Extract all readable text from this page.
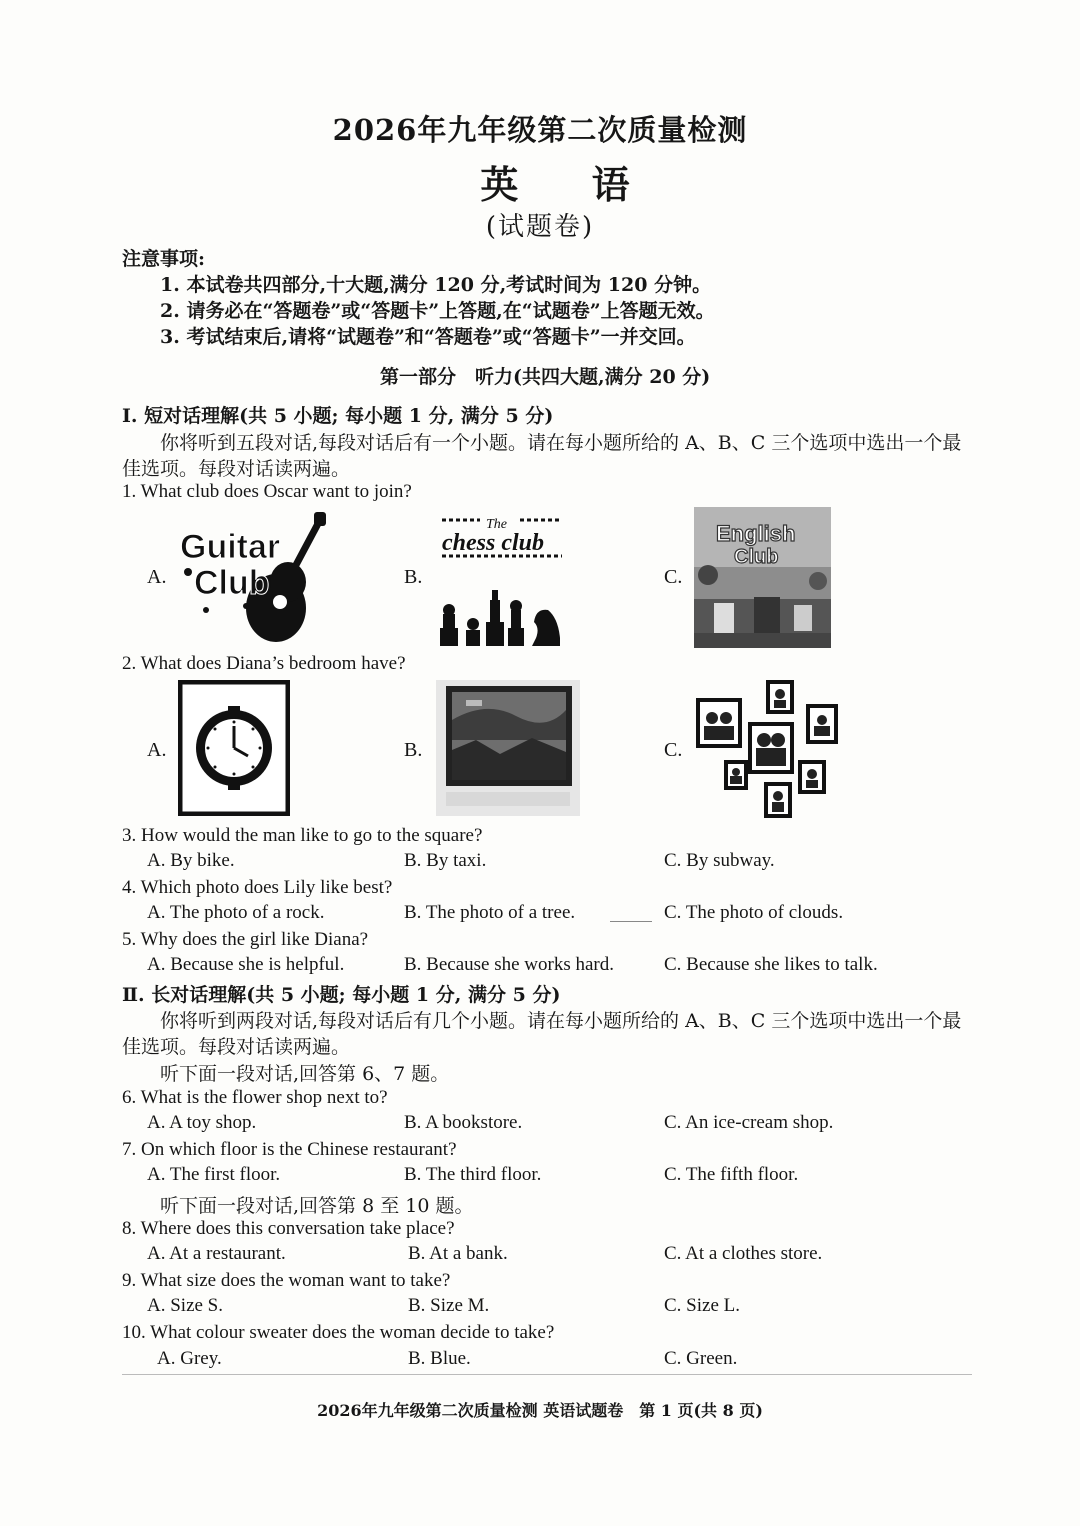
2026年九年级第二次质量检测
英 语
(试题卷)
注意事项:
1. 本试卷共四部分,十大题,满分 120 分,考试时间为 120 分钟。
2. 请务必在“答题卷”或“答题卡”上答题,在“试题卷”上答题无效。
3. 考试结束后,请将“试题卷”和“答题卷”或“答题卡”一并交回。
第一部分　听力(共四大题,满分 20 分)
Ⅰ. 短对话理解(共 5 小题; 每小题 1 分, 满分 5 分)
你将听到五段对话,每段对话后有一个小题。请在每小题所给的 A、B、C 三个选项中选出一个最
佳选项。每段对话读两遍。
1. What club does Oscar want to join?
A.	B.	C.
Guitar
Club
The
chess club	English
Club
2. What does Diana’s bedroom have?
A.	B.	C.
3. How would the man like to go to the square?
A. By bike.	B. By taxi.	C. By subway.
4. Which photo does Lily like best?
A. The photo of a rock.	B. The photo of a tree.	C. The photo of clouds.
5. Why does the girl like Diana?
A. Because she is helpful.	B. Because she works hard.	C. Because she likes to talk.
Ⅱ. 长对话理解(共 5 小题; 每小题 1 分, 满分 5 分)
你将听到两段对话,每段对话后有几个小题。请在每小题所给的 A、B、C 三个选项中选出一个最
佳选项。每段对话读两遍。
听下面一段对话,回答第 6、7 题。
6. What is the flower shop next to?
A. A toy shop.	B. A bookstore.	C. An ice-cream shop.
7. On which floor is the Chinese restaurant?
A. The first floor.	B. The third floor.	C. The fifth floor.
听下面一段对话,回答第 8 至 10 题。
8. Where does this conversation take place?
A. At a restaurant.	B. At a bank.	C. At a clothes store.
9. What size does the woman want to take?
A. Size S.	B. Size M.	C. Size L.
10. What colour sweater does the woman decide to take?
A. Grey.	B. Blue.	C. Green.
2026年九年级第二次质量检测 英语试题卷　第 1 页(共 8 页)
